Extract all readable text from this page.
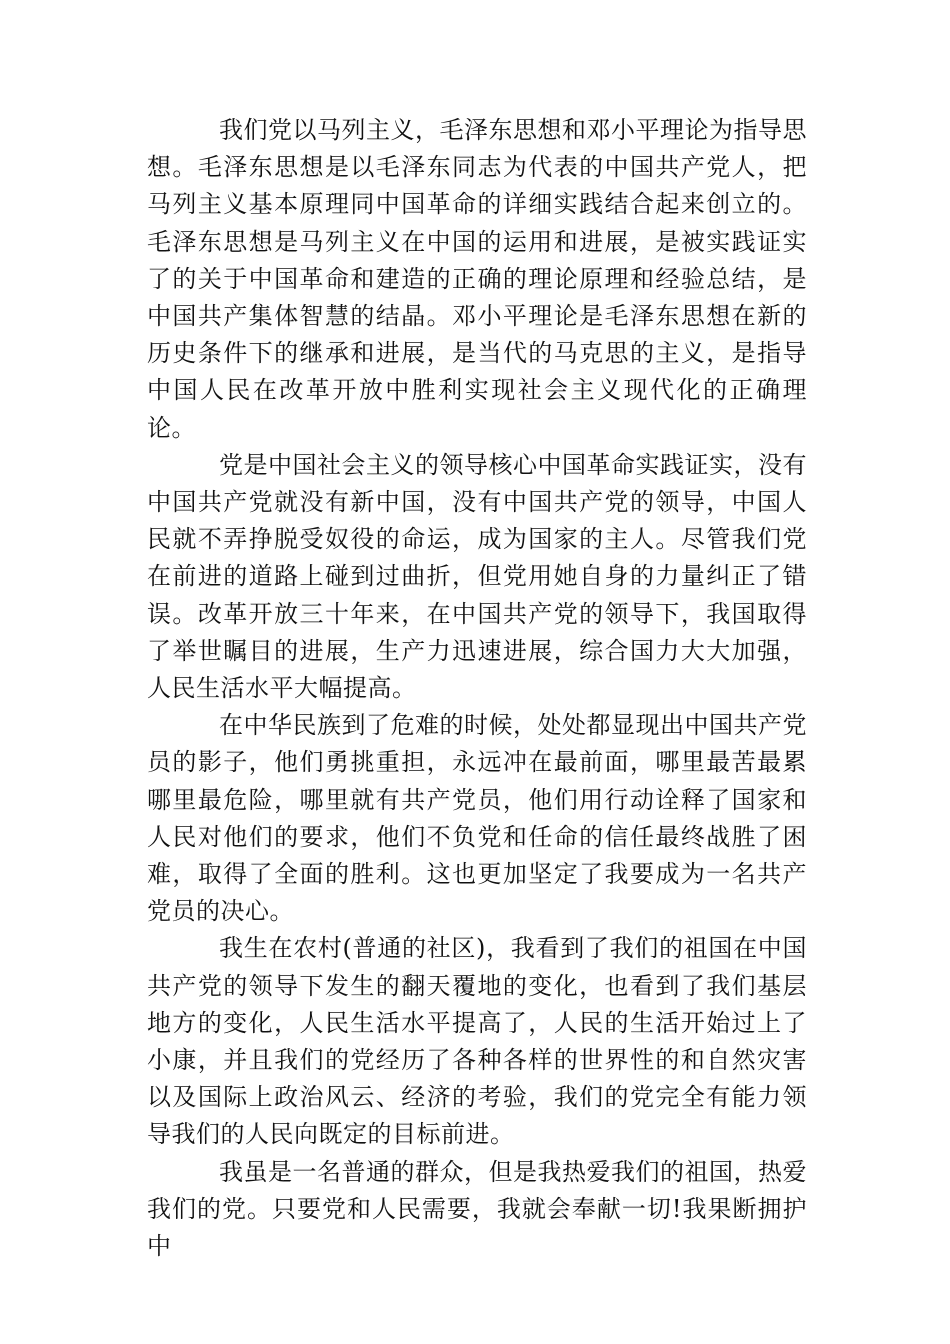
我们党以马列主义，毛泽东思想和邓小平理论为指导思想。毛泽东思想是以毛泽东同志为代表的中国共产党人，把马列主义基本原理同中国革命的详细实践结合起来创立的。毛泽东思想是马列主义在中国的运用和进展，是被实践证实了的关于中国革命和建造的正确的理论原理和经验总结，是中国共产集体智慧的结晶。邓小平理论是毛泽东思想在新的历史条件下的继承和进展，是当代的马克思的主义，是指导中国人民在改革开放中胜利实现社会主义现代化的正确理论。

党是中国社会主义的领导核心中国革命实践证实，没有中国共产党就没有新中国，没有中国共产党的领导，中国人民就不弄挣脱受奴役的命运，成为国家的主人。尽管我们党在前进的道路上碰到过曲折，但党用她自身的力量纠正了错误。改革开放三十年来，在中国共产党的领导下，我国取得了举世瞩目的进展，生产力迅速进展，综合国力大大加强，人民生活水平大幅提高。

在中华民族到了危难的时候，处处都显现出中国共产党员的影子，他们勇挑重担，永远冲在最前面，哪里最苦最累哪里最危险，哪里就有共产党员，他们用行动诠释了国家和人民对他们的要求，他们不负党和任命的信任最终战胜了困难，取得了全面的胜利。这也更加坚定了我要成为一名共产党员的决心。

我生在农村(普通的社区)，我看到了我们的祖国在中国共产党的领导下发生的翻天覆地的变化，也看到了我们基层地方的变化，人民生活水平提高了，人民的生活开始过上了小康，并且我们的党经历了各种各样的世界性的和自然灾害以及国际上政治风云、经济的考验，我们的党完全有能力领导我们的人民向既定的目标前进。

我虽是一名普通的群众，但是我热爱我们的祖国，热爱我们的党。只要党和人民需要，我就会奉献一切!我果断拥护中
